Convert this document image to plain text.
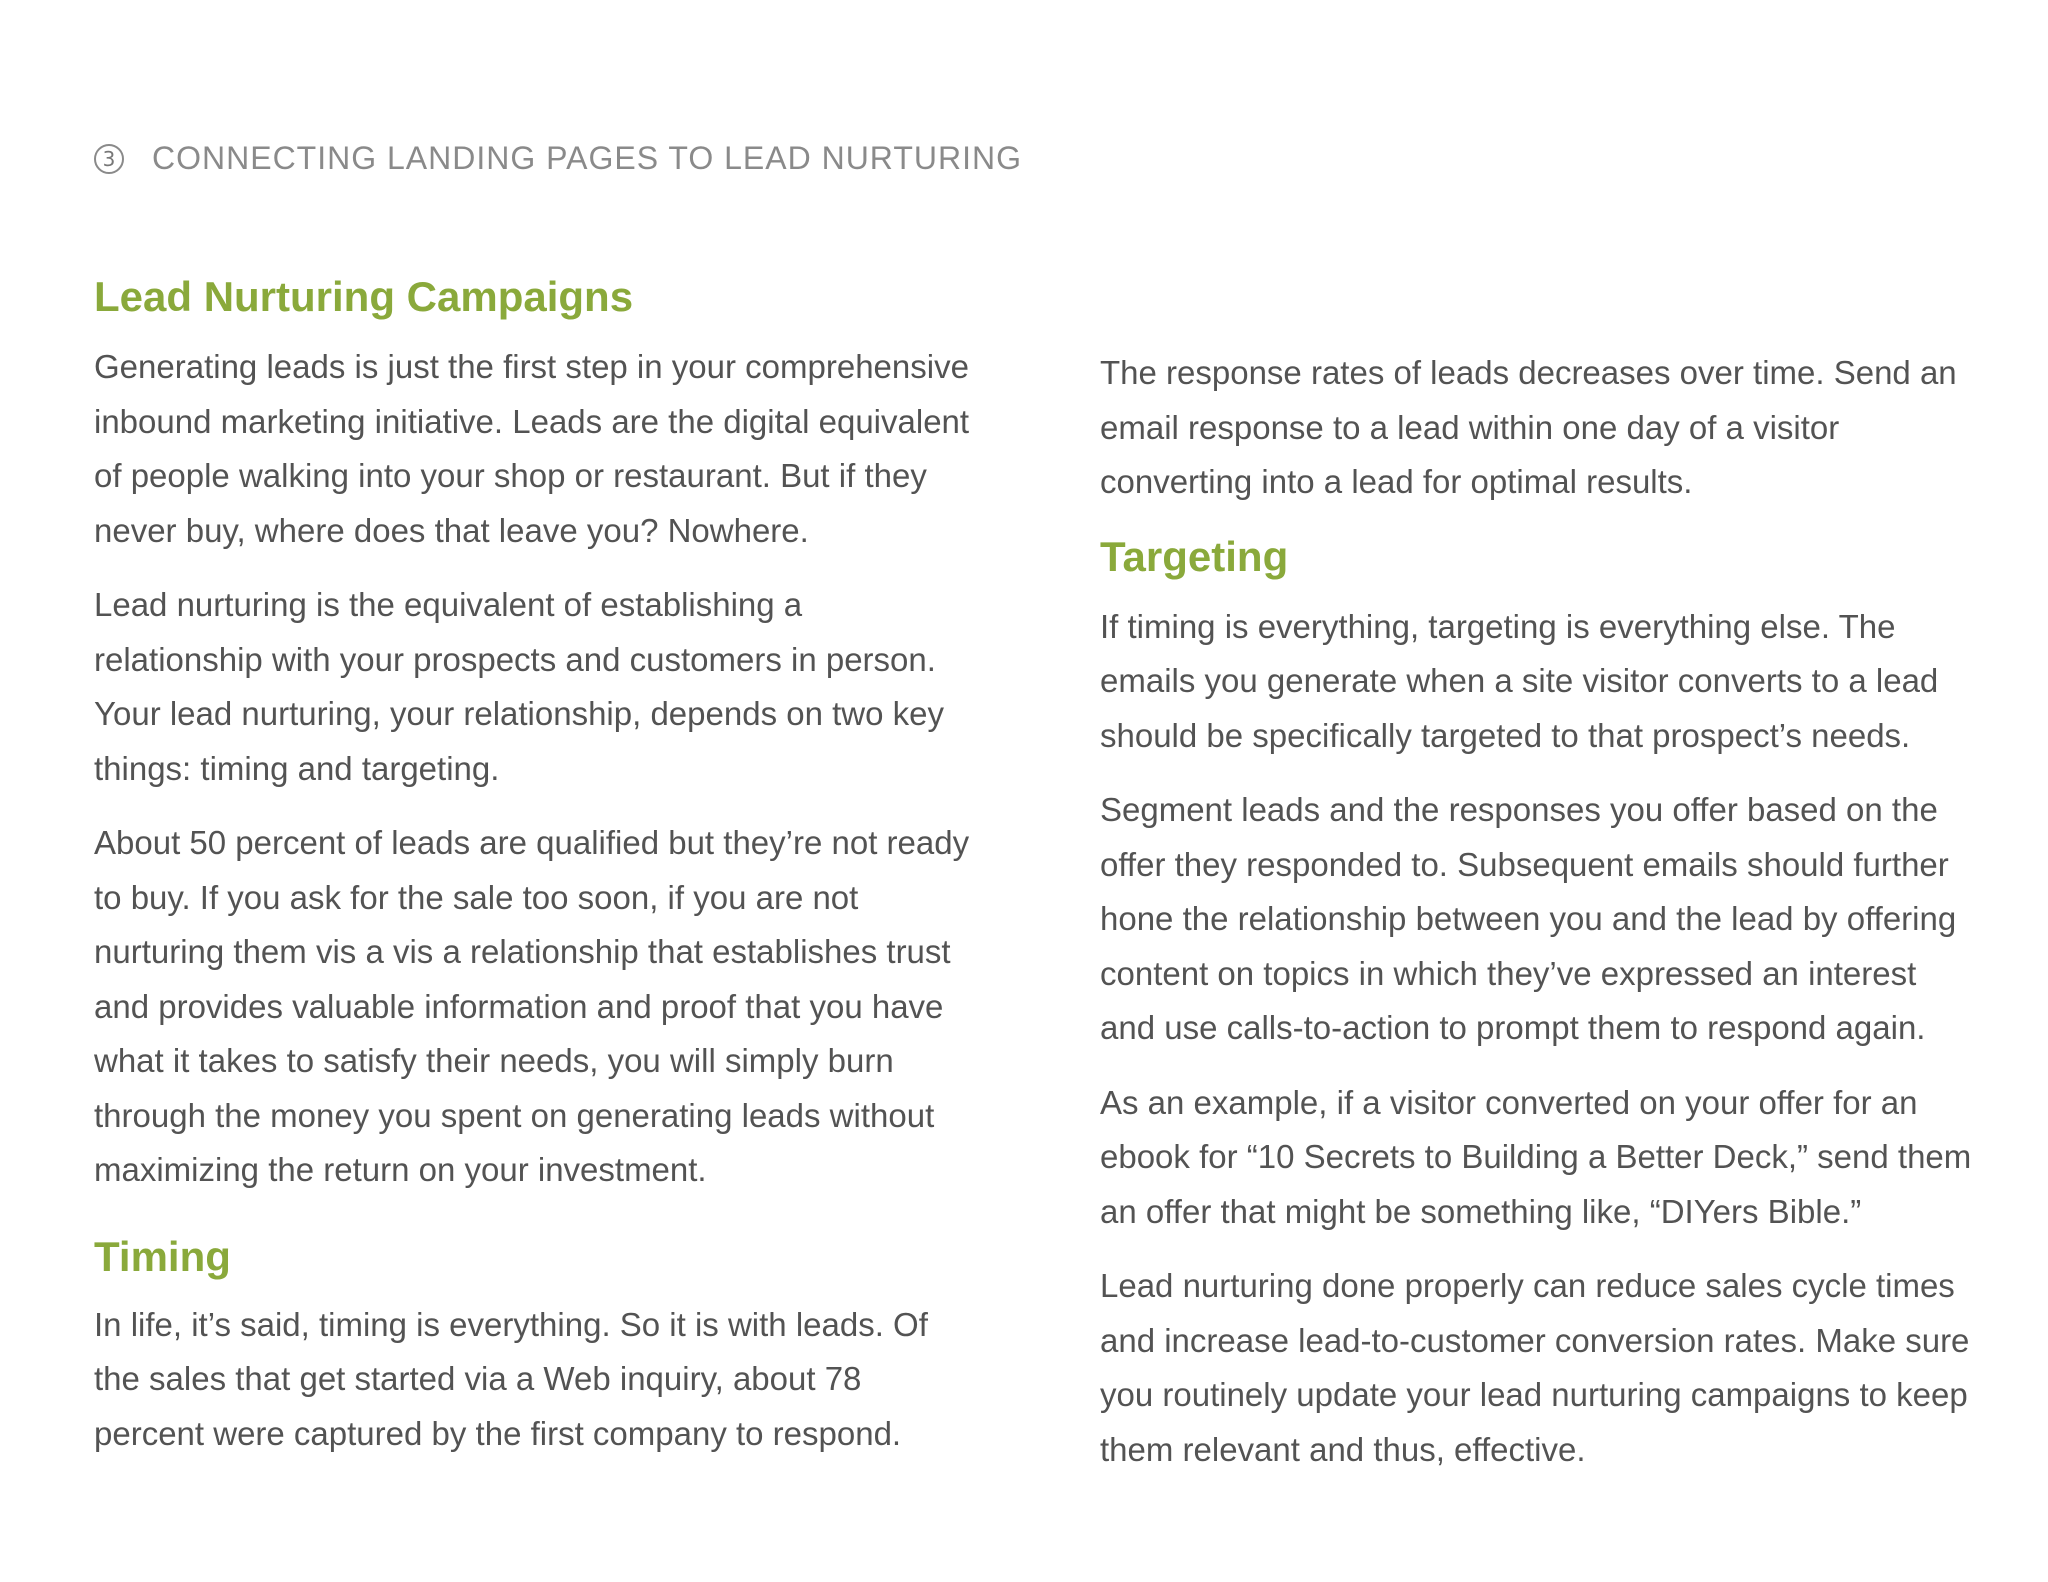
3 CONNECTING LANDING PAGES TO LEAD NURTURING
Lead Nurturing Campaigns

Generating leads is just the first step in your comprehensive inbound marketing initiative. Leads are the digital equivalent of people walking into your shop or restaurant. But if they never buy, where does that leave you? Nowhere.

Lead nurturing is the equivalent of establishing a relationship with your prospects and customers in person. Your lead nurturing, your relationship, depends on two key things: timing and targeting.

About 50 percent of leads are qualified but they’re not ready to buy. If you ask for the sale too soon, if you are not nurturing them vis a vis a relationship that establishes trust and provides valuable information and proof that you have what it takes to satisfy their needs, you will simply burn through the money you spent on generating leads without maximizing the return on your investment.

Timing

In life, it’s said, timing is everything. So it is with leads. Of the sales that get started via a Web inquiry, about 78 percent were captured by the first company to respond.

The response rates of leads decreases over time. Send an email response to a lead within one day of a visitor converting into a lead for optimal results.

Targeting

If timing is everything, targeting is everything else. The emails you generate when a site visitor converts to a lead should be specifically targeted to that prospect’s needs.

Segment leads and the responses you offer based on the offer they responded to. Subsequent emails should further hone the relationship between you and the lead by offering content on topics in which they’ve expressed an interest and use calls-to-action to prompt them to respond again.

As an example, if a visitor converted on your offer for an ebook for “10 Secrets to Building a Better Deck,” send them an offer that might be something like, “DIYers Bible.”

Lead nurturing done properly can reduce sales cycle times and increase lead-to-customer conversion rates. Make sure you routinely update your lead nurturing campaigns to keep them relevant and thus, effective.
